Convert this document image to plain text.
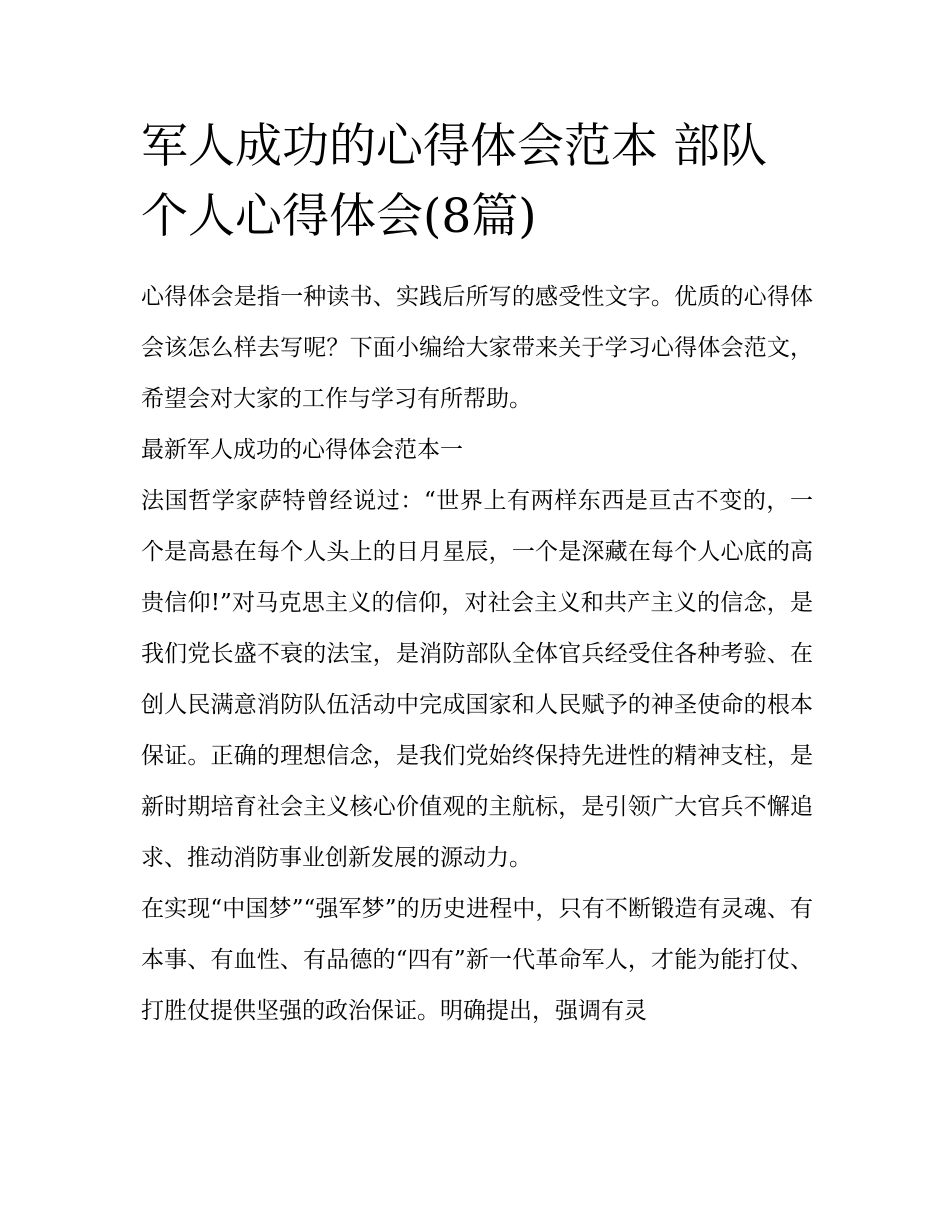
军人成功的心得体会范本 部队个人心得体会(8篇)

心得体会是指一种读书、实践后所写的感受性文字。优质的心得体会该怎么样去写呢？下面小编给大家带来关于学习心得体会范文，希望会对大家的工作与学习有所帮助。

最新军人成功的心得体会范本一

法国哲学家萨特曾经说过：“世界上有两样东西是亘古不变的，一个是高悬在每个人头上的日月星辰，一个是深藏在每个人心底的高贵信仰!”对马克思主义的信仰，对社会主义和共产主义的信念，是我们党长盛不衰的法宝，是消防部队全体官兵经受住各种考验、在创人民满意消防队伍活动中完成国家和人民赋予的神圣使命的根本保证。正确的理想信念，是我们党始终保持先进性的精神支柱，是新时期培育社会主义核心价值观的主航标，是引领广大官兵不懈追求、推动消防事业创新发展的源动力。

在实现“中国梦”“强军梦”的历史进程中，只有不断锻造有灵魂、有本事、有血性、有品德的“四有”新一代革命军人，才能为能打仗、打胜仗提供坚强的政治保证。明确提出，强调有灵
